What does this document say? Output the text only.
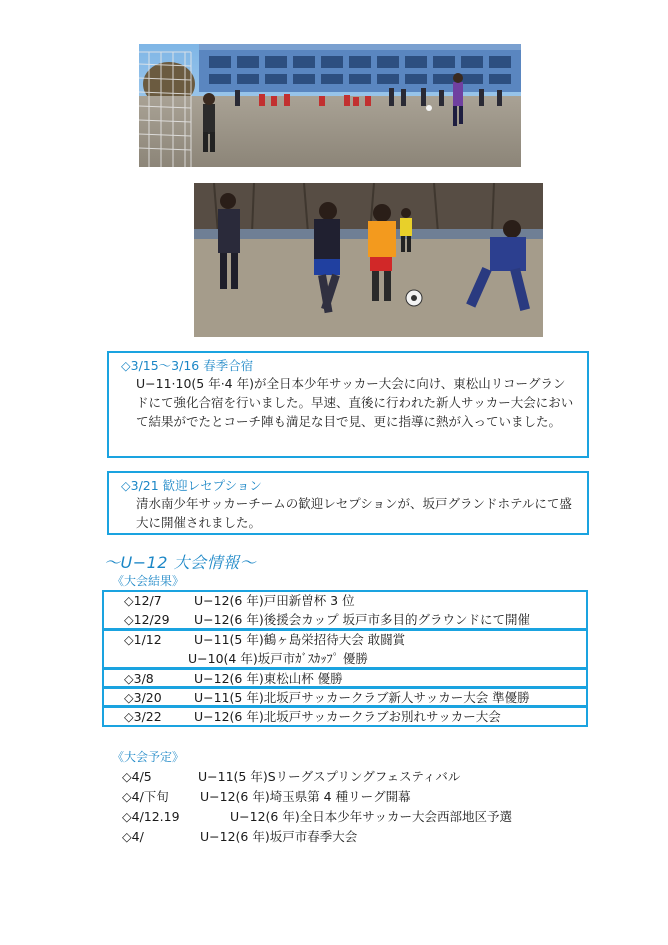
◇3/15〜3/16 春季合宿
U−11·10(5 年·4 年)が全日本少年サッカー大会に向け、東松山リコーグランドにて強化合宿を行いました。早速、直後に行われた新人サッカー大会において結果がでたとコーチ陣も満足な目で見、更に指導に熱が入っていました。
◇3/21 歓迎レセプション
清水南少年サッカーチームの歓迎レセプションが、坂戸グランドホテルにて盛大に開催されました。
〜U−12 大会情報〜
《大会結果》
◇12/7	U−12(6 年)戸田新曽杯 3 位
◇12/29 U−12(6 年)後援会カップ 坂戸市多目的グラウンドにて開催
◇1/12	U−11(5 年)鶴ヶ島栄招待大会 敢闘賞
U−10(4 年)坂戸市ｶﾞｽｶｯﾌﾟ 優勝
◇3/8	U−12(6 年)東松山杯 優勝
◇3/20	U−11(5 年)北坂戸サッカークラブ新人サッカー大会 準優勝
◇3/22	U−12(6 年)北坂戸サッカークラブお別れサッカー大会
《大会予定》
◇4/5	U−11(5 年)Sリーグスプリングフェスティバル
◇4/下旬 U−12(6 年)埼玉県第 4 種リーグ開幕
◇4/12.19	U−12(6 年)全日本少年サッカー大会西部地区予選
◇4/	U−12(6 年)坂戸市春季大会
